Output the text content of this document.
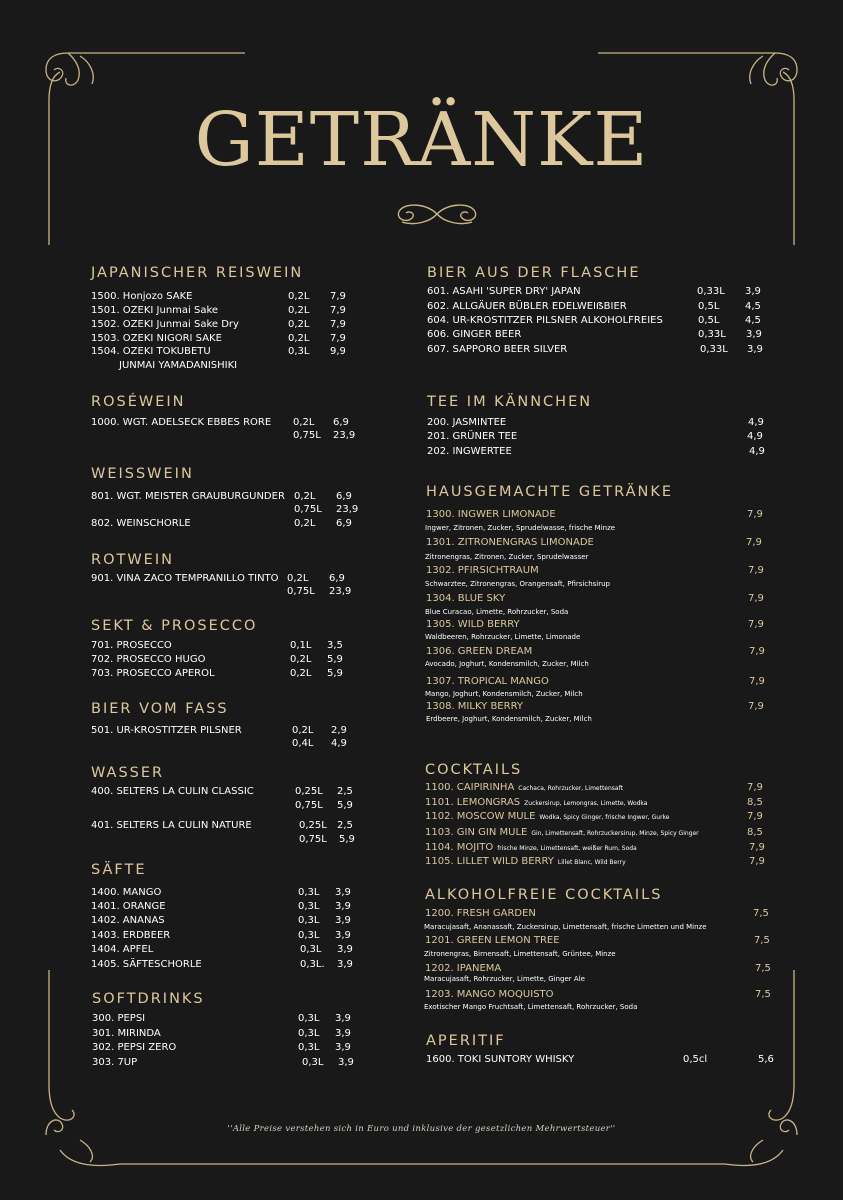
GETRÄNKE
JAPANISCHER REISWEIN
1500. Honjozo SAKE	0,2L 7,9
1501. OZEKI Junmai Sake	0,2L 7,9
1502. OZEKI Junmai Sake Dry	0,2L 7,9
1503. OZEKI NIGORI SAKE	0,2L 7,9
1504. OZEKI TOKUBETU	0,3L 9,9
JUNMAI YAMADANISHIKI
ROSÉWEIN
1000. WGT. ADELSECK EBBES RORE 0,2L 6,9
0,75L 23,9
WEISSWEIN
801. WGT. MEISTER GRAUBURGUNDER 0,2L 6,9
0,75L 23,9
802. WEINSCHORLE	0,2L 6,9
ROTWEIN
901. VINA ZACO TEMPRANILLO TINTO 0,2L 6,9
0,75L 23,9
SEKT & PROSECCO
701. PROSECCO	0,1L 3,5
702. PROSECCO HUGO	0,2L 5,9
703. PROSECCO APEROL	0,2L 5,9
BIER VOM FASS
501. UR-KROSTITZER PILSNER	0,2L 2,9
0,4L 4,9
WASSER
400. SELTERS LA CULIN CLASSIC	0,25L 2,5
0,75L 5,9
401. SELTERS LA CULIN NATURE	0,25L 2,5
0,75L 5,9
SÄFTE
1400. MANGO	0,3L 3,9
1401. ORANGE	0,3L 3,9
1402. ANANAS	0,3L 3,9
1403. ERDBEER	0,3L 3,9
1404. APFEL	0,3L 3,9
1405. SÄFTESCHORLE	0,3L. 3,9
SOFTDRINKS
300. PEPSI	0,3L 3,9
301. MIRINDA	0,3L 3,9
302. PEPSI ZERO	0,3L 3,9
303. 7UP	0,3L 3,9
BIER AUS DER FLASCHE
601. ASAHI 'SUPER DRY' JAPAN	0,33L 3,9
602. ALLGÄUER BÜBLER EDELWEIẞBIER	0,5L	4,5
604. UR-KROSTITZER PILSNER ALKOHOLFREIES	0,5L	4,5
606. GINGER BEER	0,33L 3,9
607. SAPPORO BEER SILVER	0,33L 3,9
TEE IM KÄNNCHEN
200. JASMINTEE	4,9
201. GRÜNER TEE	4,9
202. INGWERTEE	4,9
HAUSGEMACHTE GETRÄNKE
1300. INGWER LIMONADE	7,9
Ingwer, Zitronen, Zucker, Sprudelwasse, frische Minze
1301. ZITRONENGRAS LIMONADE	7,9
Zitronengras, Zitronen, Zucker, Sprudelwasser
1302. PFIRSICHTRAUM	7,9
Schwarztee, Zitronengras, Orangensaft, Pfirsichsirup
1304. BLUE SKY	7,9
Blue Curacao, Limette, Rohrzucker, Soda
1305. WILD BERRY	7,9
Waldbeeren, Rohrzucker, Limette, Limonade
1306. GREEN DREAM	7,9
Avocado, Joghurt, Kondensmilch, Zucker, Milch
1307. TROPICAL MANGO	7,9
Mango, Joghurt, Kondensmilch, Zucker, Milch
1308. MILKY BERRY	7,9
Erdbeere, Joghurt, Kondensmilch, Zucker, Milch
COCKTAILS
1100. CAIPIRINHA Cachaca, Rohrzucker, Limettensaft	7,9
1101. LEMONGRAS Zuckersirup, Lemongras, Limette, Wodka	8,5
1102. MOSCOW MULE Wodka, Spicy Ginger, frische Ingwer, Gurke	7,9
1103. GIN GIN MULE Gin, Limettensaft, Rohrzuckersirup, Minze, Spicy Ginger	8,5
1104. MOJITO frische Minze, Limettensaft, weißer Rum, Soda	7,9
1105. LILLET WILD BERRY Lillet Blanc, Wild Berry	7,9
ALKOHOLFREIE COCKTAILS
1200. FRESH GARDEN	7,5
Maracujasaft, Ananassaft, Zuckersirup, Limettensaft, frische Limetten und Minze
1201. GREEN LEMON TREE	7,5
Zitronengras, Birnensaft, Limettensaft, Grüntee, Minze
1202. IPANEMA	7,5
Maracujasaft, Rohrzucker, Limette, Ginger Ale
1203. MANGO MOQUISTO	7,5
Exotischer Mango Fruchtsaft, Limettensaft, Rohrzucker, Soda
APERITIF
1600. TOKI SUNTORY WHISKY	0,5cl	5,6
''Alle Preise verstehen sich in Euro und inklusive der gesetzlichen Mehrwertsteuer''
